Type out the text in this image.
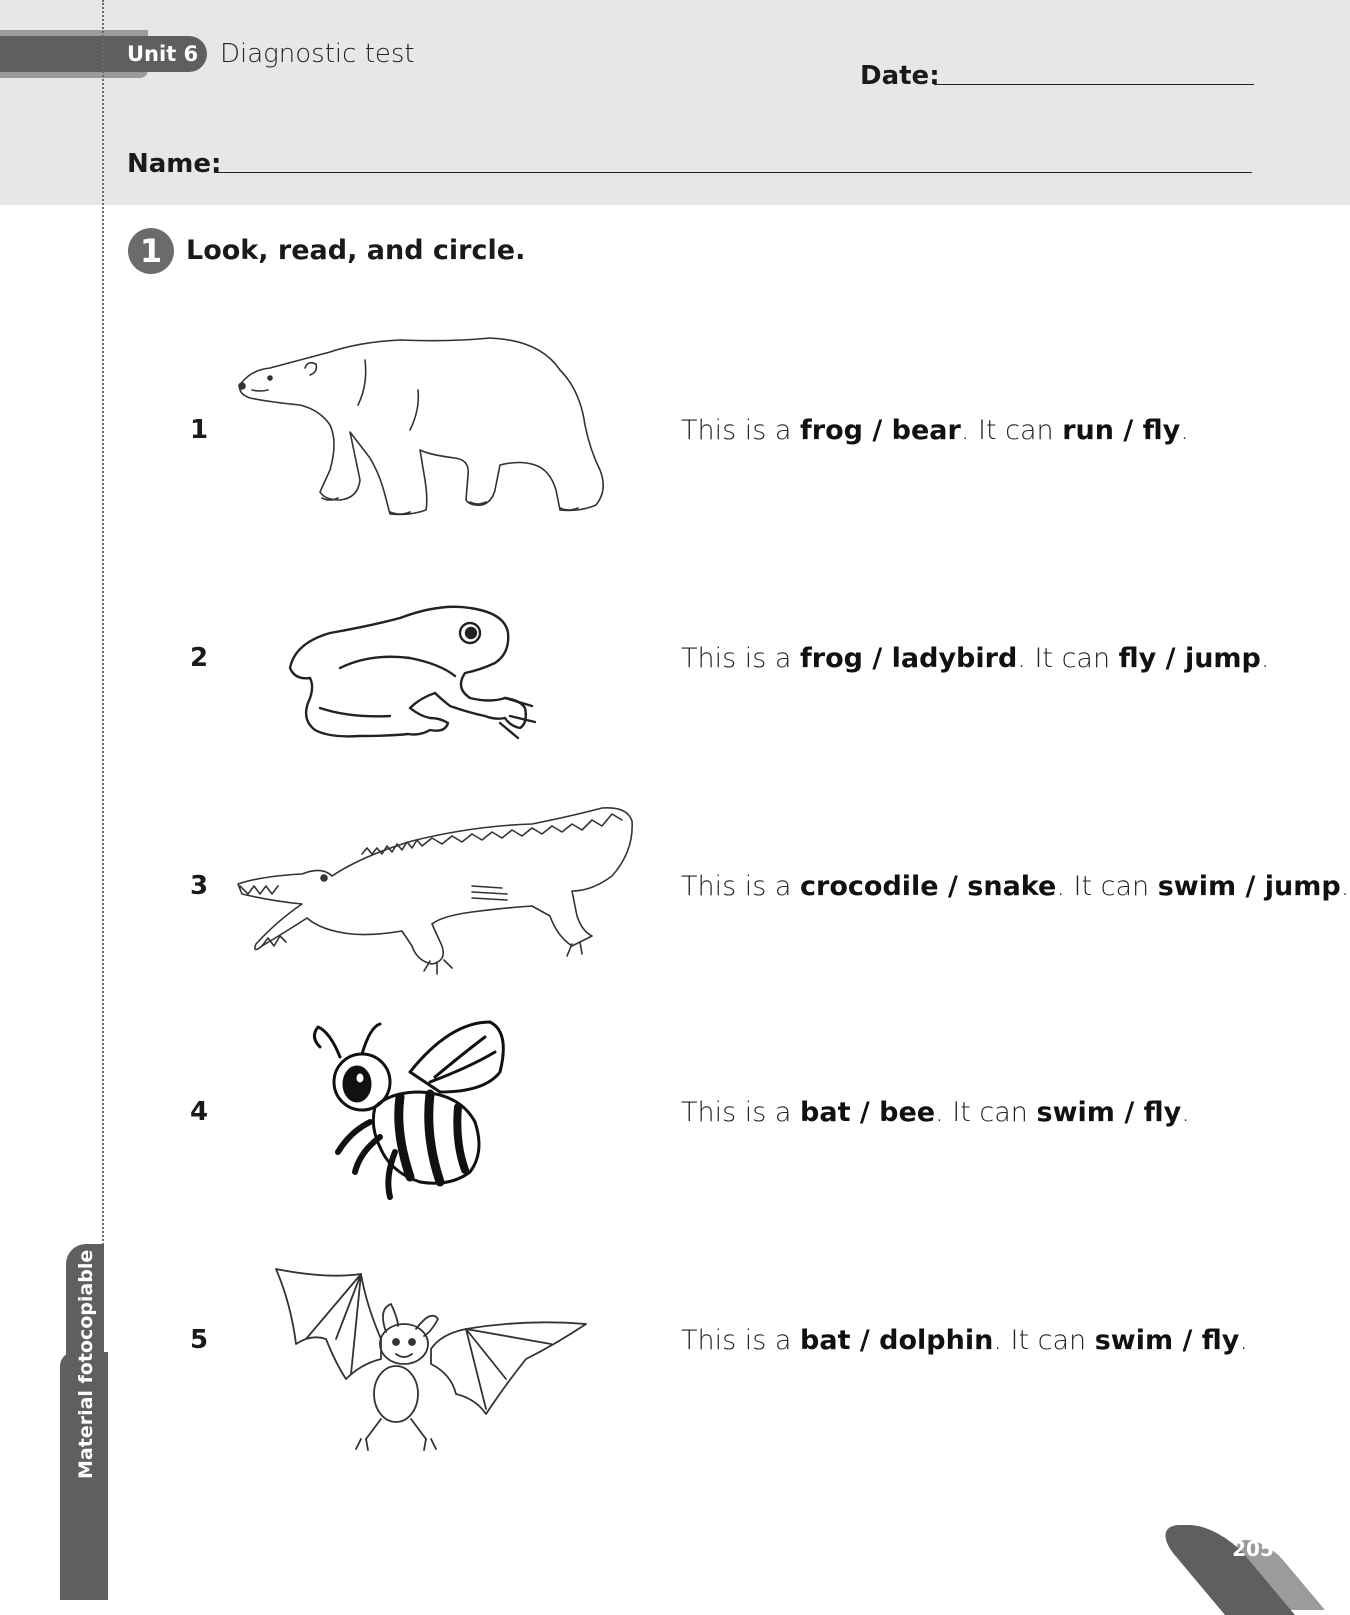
Unit 6 Diagnostic test
Date:
Name:
Material fotocopiable
1 Look, read, and circle.
1	This is a frog / bear. It can run / fly.
2	This is a frog / ladybird. It can fly / jump.
3	This is a crocodile / snake. It can swim / jump.
4	This is a bat / bee. It can swim / fly.
5	This is a bat / dolphin. It can swim / fly.
205
